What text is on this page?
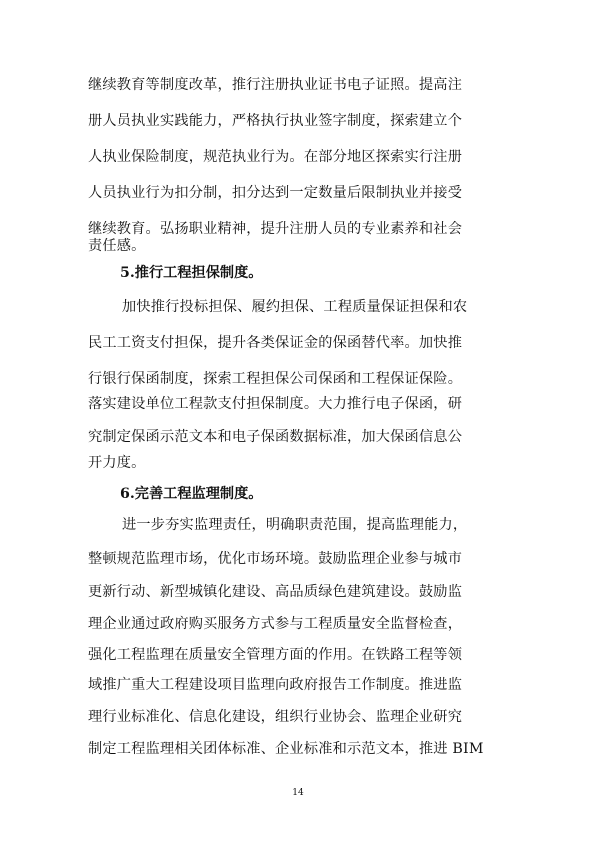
继续教育等制度改革，推行注册执业证书电子证照。提高注
册人员执业实践能力，严格执行执业签字制度，探索建立个
人执业保险制度，规范执业行为。在部分地区探索实行注册
人员执业行为扣分制，扣分达到一定数量后限制执业并接受
继续教育。弘扬职业精神，提升注册人员的专业素养和社会
责任感。
5.推行工程担保制度。
加快推行投标担保、履约担保、工程质量保证担保和农
民工工资支付担保，提升各类保证金的保函替代率。加快推
行银行保函制度，探索工程担保公司保函和工程保证保险。
落实建设单位工程款支付担保制度。大力推行电子保函，研
究制定保函示范文本和电子保函数据标准，加大保函信息公
开力度。
6.完善工程监理制度。
进一步夯实监理责任，明确职责范围，提高监理能力，
整顿规范监理市场，优化市场环境。鼓励监理企业参与城市
更新行动、新型城镇化建设、高品质绿色建筑建设。鼓励监
理企业通过政府购买服务方式参与工程质量安全监督检查，
强化工程监理在质量安全管理方面的作用。在铁路工程等领
域推广重大工程建设项目监理向政府报告工作制度。推进监
理行业标准化、信息化建设，组织行业协会、监理企业研究
制定工程监理相关团体标准、企业标准和示范文本，推进 BIM
14
